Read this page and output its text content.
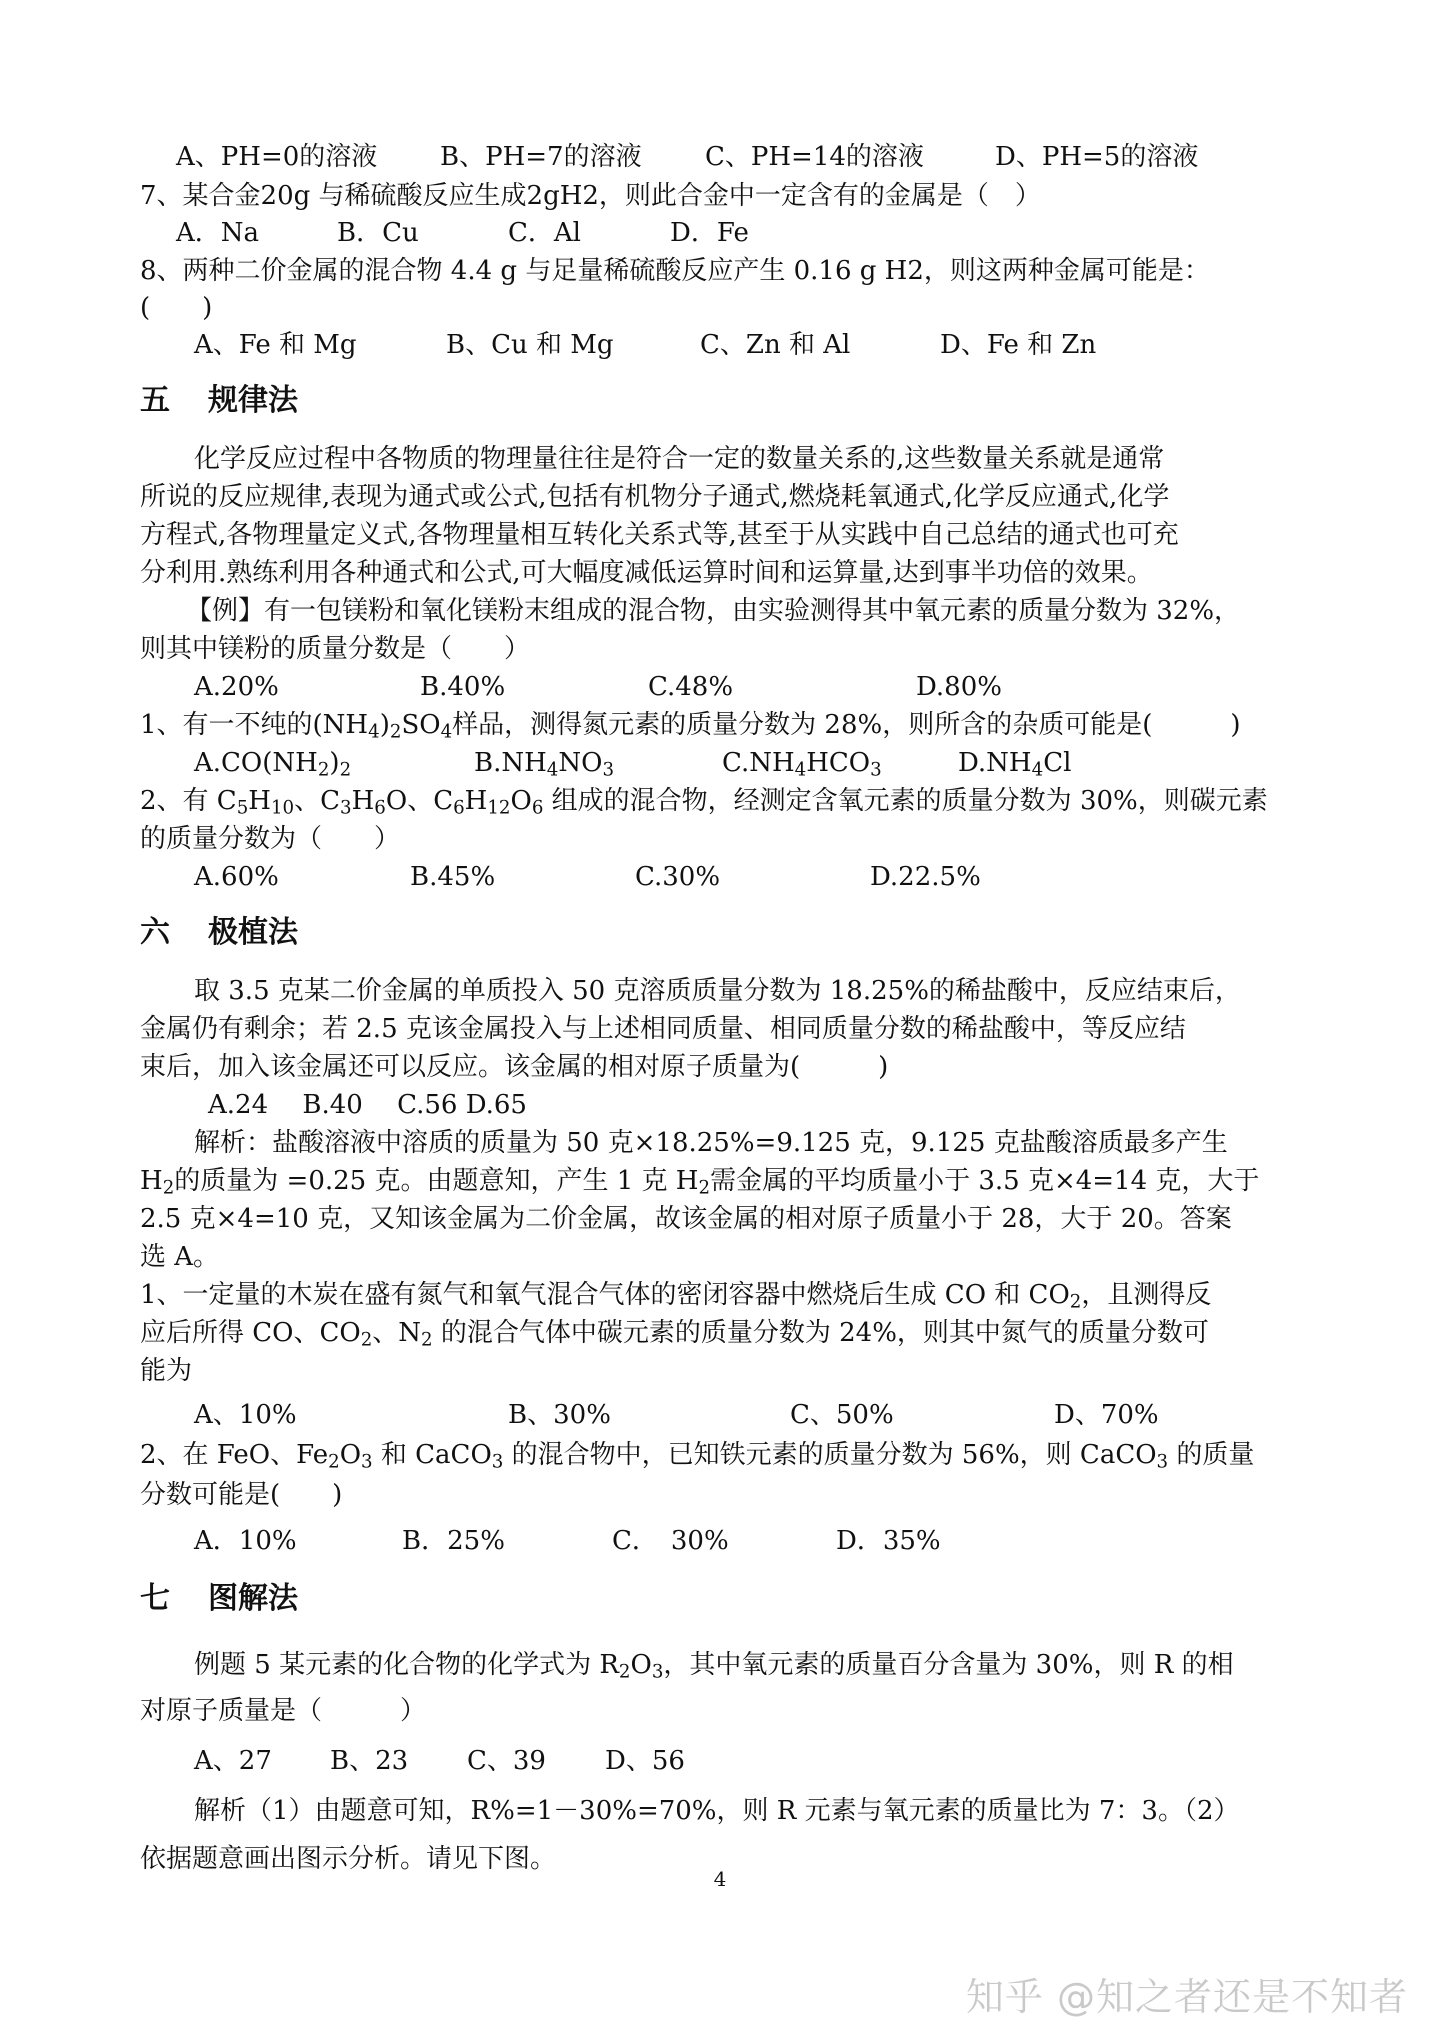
A、PH=0的溶液 B、PH=7的溶液 C、PH=14的溶液	D、PH=5的溶液
7、某合金20g 与稀硫酸反应生成2gH2，则此合金中一定含有的金属是（　）
A．Na	B．Cu	C．Al	D．Fe
8、两种二价金属的混合物 4.4 g 与足量稀硫酸反应产生 0.16 g H2，则这两种金属可能是：
(　　)
A、Fe 和 Mg	B、Cu 和 Mg	C、Zn 和 Al	D、Fe 和 Zn
五 规律法
化学反应过程中各物质的物理量往往是符合一定的数量关系的,这些数量关系就是通常
所说的反应规律,表现为通式或公式,包括有机物分子通式,燃烧耗氧通式,化学反应通式,化学
方程式,各物理量定义式,各物理量相互转化关系式等,甚至于从实践中自己总结的通式也可充
分利用.熟练利用各种通式和公式,可大幅度减低运算时间和运算量,达到事半功倍的效果。
【例】有一包镁粉和氧化镁粉末组成的混合物，由实验测得其中氧元素的质量分数为 32%，
则其中镁粉的质量分数是（　　）
A.20%	B.40%	C.48%	D.80%
1、有一不纯的$(NH_4)_2SO_4$样品，测得氮元素的质量分数为 28%，则所含的杂质可能是(　　　)
$A.CO(NH_2)_2$	$B.NH_4NO_3$	$C.NH_4HCO_3$	$D.NH_4Cl$
2、有 $C_5H_{10}$、$C_3H_6O$、$C_6H_{12}O_6$ 组成的混合物，经测定含氧元素的质量分数为 30%，则碳元素
的质量分数为（　　）
A.60%	B.45%	C.30%	D.22.5%
六 极植法
取 3.5 克某二价金属的单质投入 50 克溶质质量分数为 18.25%的稀盐酸中，反应结束后，
金属仍有剩余；若 2.5 克该金属投入与上述相同质量、相同质量分数的稀盐酸中，等反应结
束后，加入该金属还可以反应。该金属的相对原子质量为(　　　)
A.24　 B.40　 C.56 D.65
解析：盐酸溶液中溶质的质量为 50 克×18.25%=9.125 克，9.125 克盐酸溶质最多产生
$H_2$的质量为 =0.25 克。由题意知，产生 1 克 $H_2$需金属的平均质量小于 3.5 克×4=14 克，大于
2.5 克×4=10 克，又知该金属为二价金属，故该金属的相对原子质量小于 28，大于 20。答案
选 A。
1、一定量的木炭在盛有氮气和氧气混合气体的密闭容器中燃烧后生成 CO 和 $CO_2$，且测得反
应后所得 CO、$CO_2$、$N_2$ 的混合气体中碳元素的质量分数为 24%，则其中氮气的质量分数可
能为
A、10%	B、30%	C、50%	D、70%
2、在 FeO、$Fe_2O_3$ 和 CaCO$_3$ 的混合物中，已知铁元素的质量分数为 56%，则 CaCO$_3$ 的质量
分数可能是(　　)
A．10%	B．25%	C．　30%	D．35%
七 图解法
例题 5 某元素的化合物的化学式为 $R_2O_3$，其中氧元素的质量百分含量为 30%，则 R 的相
对原子质量是（　　　）
A、27 B、23 C、39 D、56
解析（1）由题意可知，R%=1－30%=70%，则 R 元素与氧元素的质量比为 7：3。（2）
依据题意画出图示分析。请见下图。
4
知乎 @知之者还是不知者
